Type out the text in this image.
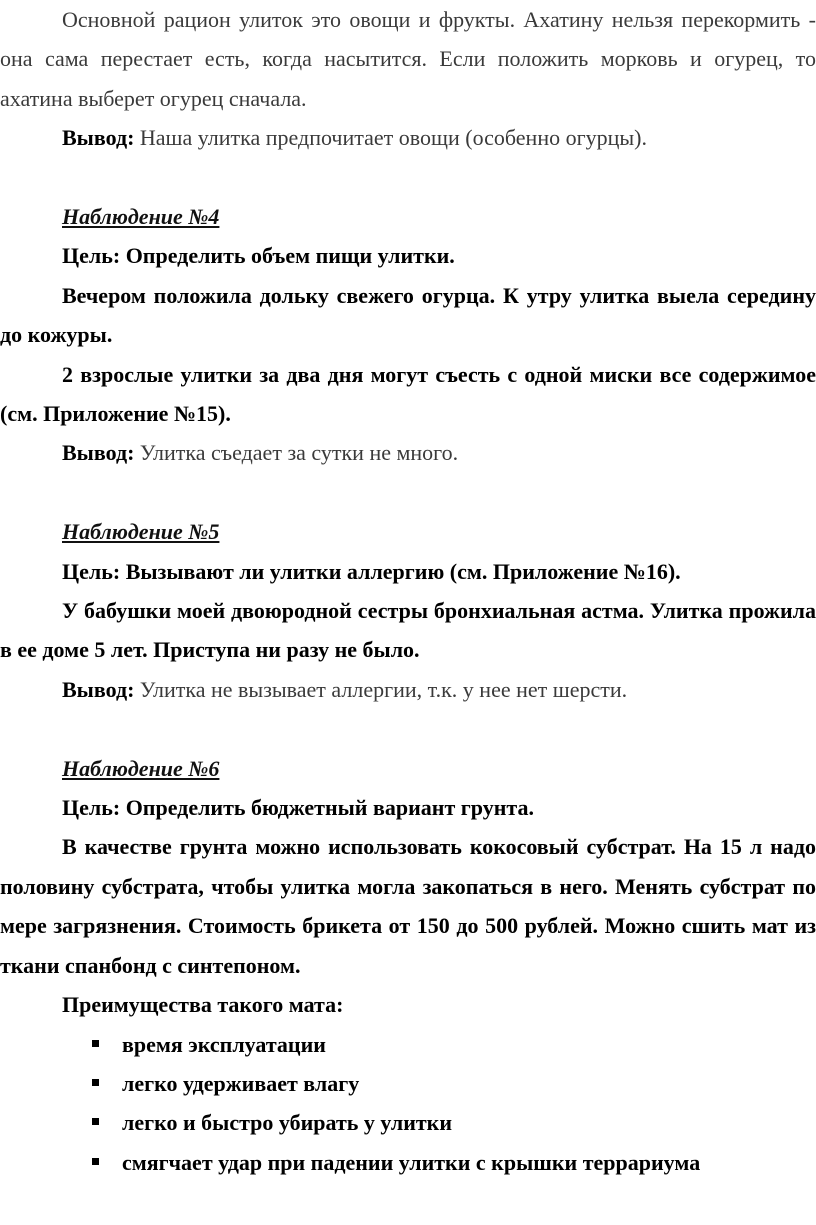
Основной рацион улиток это овощи и фрукты. Ахатину нельзя перекормить - она сама перестает есть, когда насытится. Если положить морковь и огурец, то ахатина выберет огурец сначала.

Вывод: Наша улитка предпочитает овощи (особенно огурцы).

Наблюдение №4

Цель: Определить объем пищи улитки.

Вечером положила дольку свежего огурца. К утру улитка выела середину до кожуры.

2 взрослые улитки за два дня могут съесть с одной миски все содержимое (см. Приложение №15).

Вывод: Улитка съедает за сутки не много.

Наблюдение №5

Цель: Вызывают ли улитки аллергию (см. Приложение №16).

У бабушки моей двоюродной сестры бронхиальная астма. Улитка прожила в ее доме 5 лет. Приступа ни разу не было.

Вывод: Улитка не вызывает аллергии, т.к. у нее нет шерсти.

Наблюдение №6

Цель: Определить бюджетный вариант грунта.

В качестве грунта можно использовать кокосовый субстрат. На 15 л надо половину субстрата, чтобы улитка могла закопаться в него. Менять субстрат по мере загрязнения. Стоимость брикета от 150 до 500 рублей. Можно сшить мат из ткани спанбонд с синтепоном.

Преимущества такого мата:

время эксплуатации
легко удерживает влагу
легко и быстро убирать у улитки
смягчает удар при падении улитки с крышки террариума
